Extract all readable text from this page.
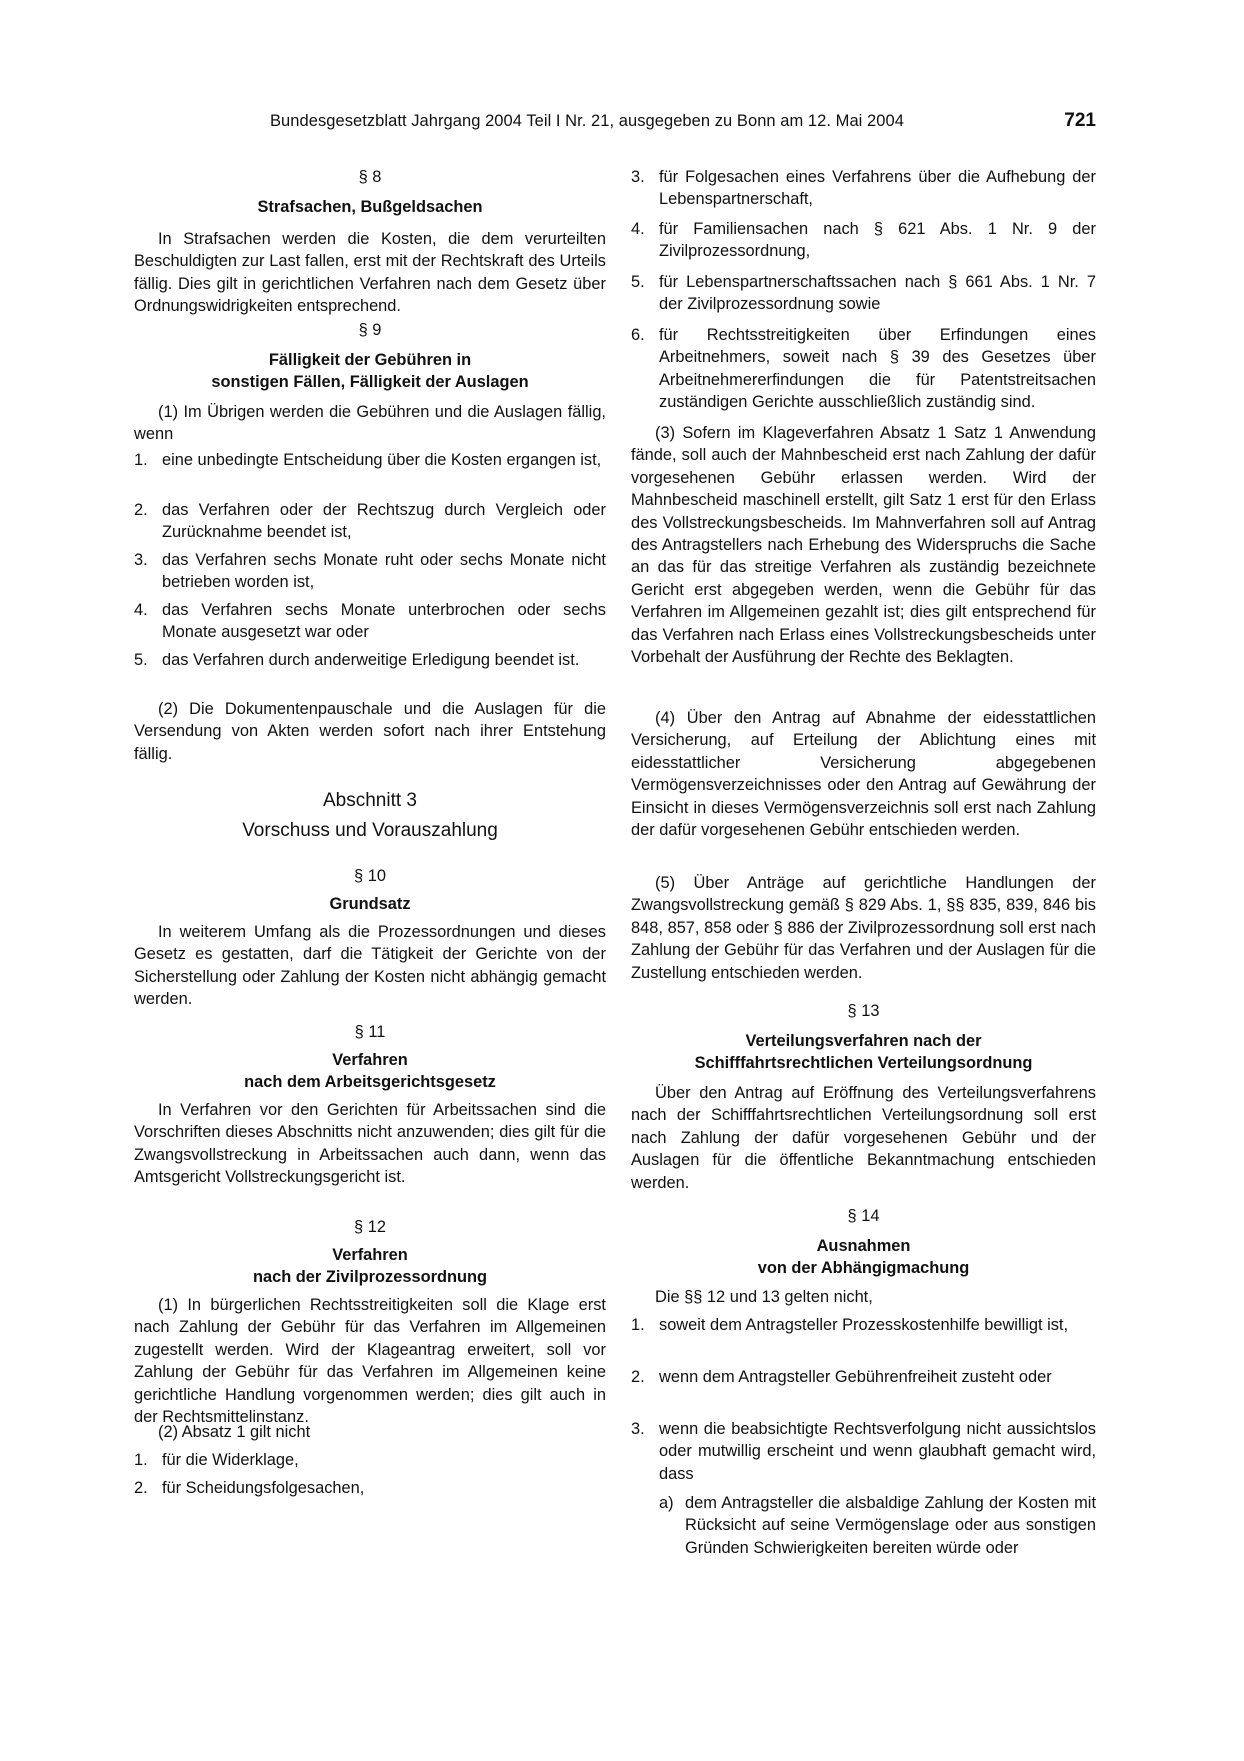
Bundesgesetzblatt Jahrgang 2004 Teil I Nr. 21, ausgegeben zu Bonn am 12. Mai 2004	721
§ 8
Strafsachen, Bußgeldsachen
In Strafsachen werden die Kosten, die dem verurteilten Beschuldigten zur Last fallen, erst mit der Rechtskraft des Urteils fällig. Dies gilt in gerichtlichen Verfahren nach dem Gesetz über Ordnungswidrigkeiten entsprechend.
§ 9
Fälligkeit der Gebühren in
sonstigen Fällen, Fälligkeit der Auslagen
(1) Im Übrigen werden die Gebühren und die Auslagen fällig, wenn
1. eine unbedingte Entscheidung über die Kosten ergangen ist,
2. das Verfahren oder der Rechtszug durch Vergleich oder Zurücknahme beendet ist,
3. das Verfahren sechs Monate ruht oder sechs Monate nicht betrieben worden ist,
4. das Verfahren sechs Monate unterbrochen oder sechs Monate ausgesetzt war oder
5. das Verfahren durch anderweitige Erledigung beendet ist.
(2) Die Dokumentenpauschale und die Auslagen für die Versendung von Akten werden sofort nach ihrer Entstehung fällig.
Abschnitt 3
Vorschuss und Vorauszahlung
§ 10
Grundsatz
In weiterem Umfang als die Prozessordnungen und dieses Gesetz es gestatten, darf die Tätigkeit der Gerichte von der Sicherstellung oder Zahlung der Kosten nicht abhängig gemacht werden.
§ 11
Verfahren
nach dem Arbeitsgerichtsgesetz
In Verfahren vor den Gerichten für Arbeitssachen sind die Vorschriften dieses Abschnitts nicht anzuwenden; dies gilt für die Zwangsvollstreckung in Arbeitssachen auch dann, wenn das Amtsgericht Vollstreckungsgericht ist.
§ 12
Verfahren
nach der Zivilprozessordnung
(1) In bürgerlichen Rechtsstreitigkeiten soll die Klage erst nach Zahlung der Gebühr für das Verfahren im Allgemeinen zugestellt werden. Wird der Klageantrag erweitert, soll vor Zahlung der Gebühr für das Verfahren im Allgemeinen keine gerichtliche Handlung vorgenommen werden; dies gilt auch in der Rechtsmittelinstanz.
(2) Absatz 1 gilt nicht
1. für die Widerklage,
2. für Scheidungsfolgesachen,
3. für Folgesachen eines Verfahrens über die Aufhebung der Lebenspartnerschaft,
4. für Familiensachen nach § 621 Abs. 1 Nr. 9 der Zivilprozessordnung,
5. für Lebenspartnerschaftssachen nach § 661 Abs. 1 Nr. 7 der Zivilprozessordnung sowie
6. für Rechtsstreitigkeiten über Erfindungen eines Arbeitnehmers, soweit nach § 39 des Gesetzes über Arbeitnehmererfindungen die für Patentstreitsachen zuständigen Gerichte ausschließlich zuständig sind.
(3) Sofern im Klageverfahren Absatz 1 Satz 1 Anwendung fände, soll auch der Mahnbescheid erst nach Zahlung der dafür vorgesehenen Gebühr erlassen werden. Wird der Mahnbescheid maschinell erstellt, gilt Satz 1 erst für den Erlass des Vollstreckungsbescheids. Im Mahnverfahren soll auf Antrag des Antragstellers nach Erhebung des Widerspruchs die Sache an das für das streitige Verfahren als zuständig bezeichnete Gericht erst abgegeben werden, wenn die Gebühr für das Verfahren im Allgemeinen gezahlt ist; dies gilt entsprechend für das Verfahren nach Erlass eines Vollstreckungsbescheids unter Vorbehalt der Ausführung der Rechte des Beklagten.
(4) Über den Antrag auf Abnahme der eidesstattlichen Versicherung, auf Erteilung der Ablichtung eines mit eidesstattlicher Versicherung abgegebenen Vermögensverzeichnisses oder den Antrag auf Gewährung der Einsicht in dieses Vermögensverzeichnis soll erst nach Zahlung der dafür vorgesehenen Gebühr entschieden werden.
(5) Über Anträge auf gerichtliche Handlungen der Zwangsvollstreckung gemäß § 829 Abs. 1, §§ 835, 839, 846 bis 848, 857, 858 oder § 886 der Zivilprozessordnung soll erst nach Zahlung der Gebühr für das Verfahren und der Auslagen für die Zustellung entschieden werden.
§ 13
Verteilungsverfahren nach der
Schifffahrtsrechtlichen Verteilungsordnung
Über den Antrag auf Eröffnung des Verteilungsverfahrens nach der Schifffahrtsrechtlichen Verteilungsordnung soll erst nach Zahlung der dafür vorgesehenen Gebühr und der Auslagen für die öffentliche Bekanntmachung entschieden werden.
§ 14
Ausnahmen
von der Abhängigmachung
Die §§ 12 und 13 gelten nicht,
1. soweit dem Antragsteller Prozesskostenhilfe bewilligt ist,
2. wenn dem Antragsteller Gebührenfreiheit zusteht oder
3. wenn die beabsichtigte Rechtsverfolgung nicht aussichtslos oder mutwillig erscheint und wenn glaubhaft gemacht wird, dass
a) dem Antragsteller die alsbaldige Zahlung der Kosten mit Rücksicht auf seine Vermögenslage oder aus sonstigen Gründen Schwierigkeiten bereiten würde oder
